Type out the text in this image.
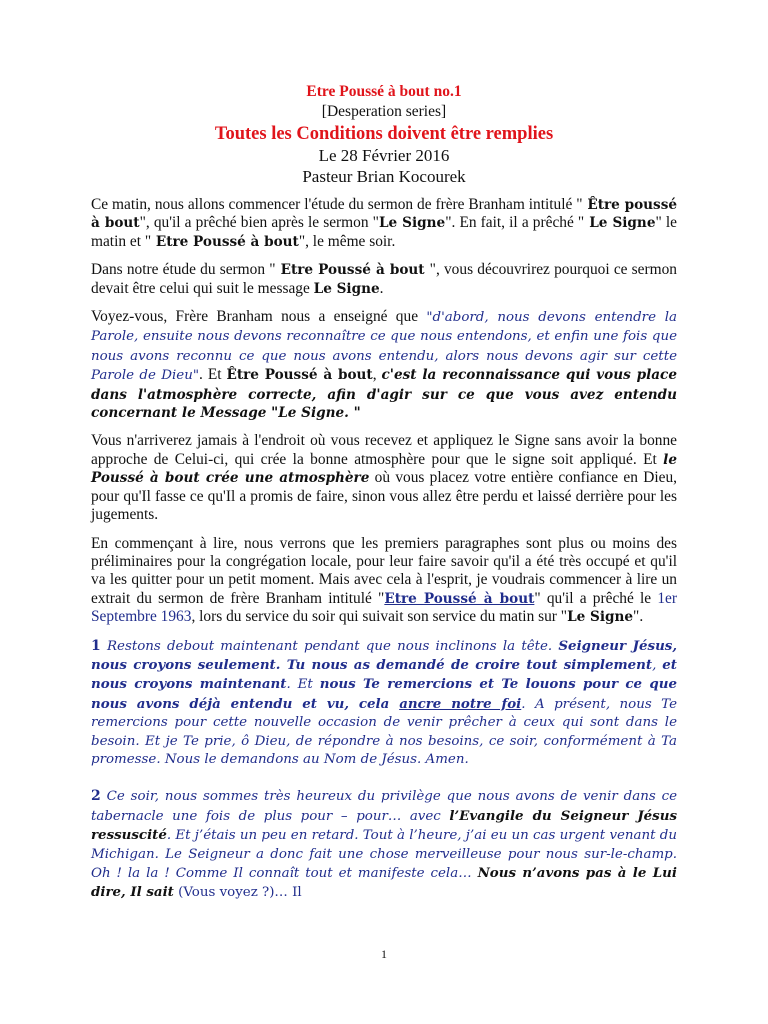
Etre Poussé à bout no.1
[Desperation series]
Toutes les Conditions doivent être remplies
Le 28 Février 2016
Pasteur Brian Kocourek

Ce matin, nous allons commencer l'étude du sermon de frère Branham intitulé " Être poussé à bout", qu'il a prêché bien après le sermon "Le Signe". En fait, il a prêché " Le Signe" le matin et " Etre Poussé à bout", le même soir.

Dans notre étude du sermon " Etre Poussé à bout ", vous découvrirez pourquoi ce sermon devait être celui qui suit le message Le Signe.

Voyez-vous, Frère Branham nous a enseigné que "d'abord, nous devons entendre la Parole, ensuite nous devons reconnaître ce que nous entendons, et enfin une fois que nous avons reconnu ce que nous avons entendu, alors nous devons agir sur cette Parole de Dieu". Et Être Poussé à bout, c'est la reconnaissance qui vous place dans l'atmosphère correcte, afin d'agir sur ce que vous avez entendu concernant le Message "Le Signe. "

Vous n'arriverez jamais à l'endroit où vous recevez et appliquez le Signe sans avoir la bonne approche de Celui-ci, qui crée la bonne atmosphère pour que le signe soit appliqué. Et le Poussé à bout crée une atmosphère où vous placez votre entière confiance en Dieu, pour qu'Il fasse ce qu'Il a promis de faire, sinon vous allez être perdu et laissé derrière pour les jugements.

En commençant à lire, nous verrons que les premiers paragraphes sont plus ou moins des préliminaires pour la congrégation locale, pour leur faire savoir qu'il a été très occupé et qu'il va les quitter pour un petit moment. Mais avec cela à l'esprit, je voudrais commencer à lire un extrait du sermon de frère Branham intitulé "Etre Poussé à bout" qu'il a prêché le 1er Septembre 1963, lors du service du soir qui suivait son service du matin sur "Le Signe".

1 Restons debout maintenant pendant que nous inclinons la tête. Seigneur Jésus, nous croyons seulement. Tu nous as demandé de croire tout simplement, et nous croyons maintenant. Et nous Te remercions et Te louons pour ce que nous avons déjà entendu et vu, cela ancre notre foi. A présent, nous Te remercions pour cette nouvelle occasion de venir prêcher à ceux qui sont dans le besoin. Et je Te prie, ô Dieu, de répondre à nos besoins, ce soir, conformément à Ta promesse. Nous le demandons au Nom de Jésus. Amen.
2 Ce soir, nous sommes très heureux du privilège que nous avons de venir dans ce tabernacle une fois de plus pour – pour… avec l’Evangile du Seigneur Jésus ressuscité. Et j’étais un peu en retard. Tout à l’heure, j’ai eu un cas urgent venant du Michigan. Le Seigneur a donc fait une chose merveilleuse pour nous sur-le-champ. Oh ! la la ! Comme Il connaît tout et manifeste cela… Nous n’avons pas à le Lui dire, Il sait (Vous voyez ?)… Il
1
